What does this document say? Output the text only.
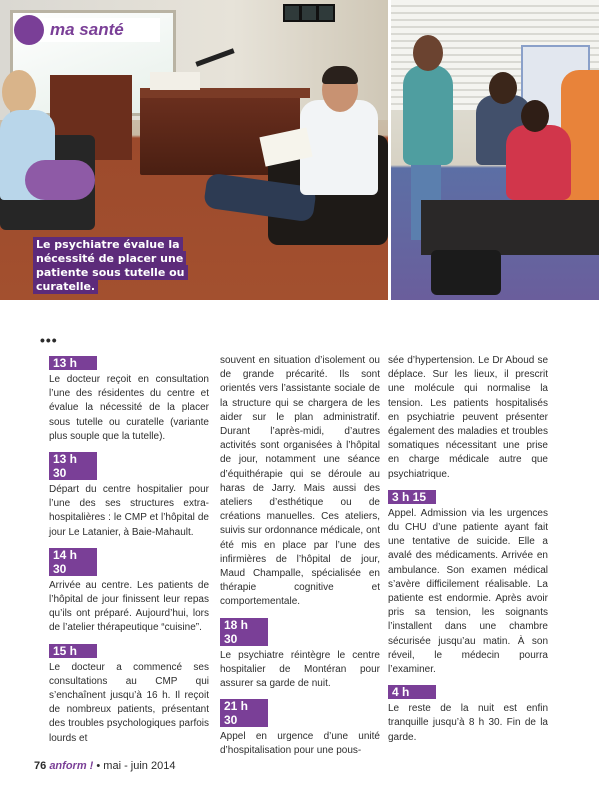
ma santé
Le psychiatre évalue la nécessité de placer une patiente sous tutelle ou curatelle.
•••
13 h

Le docteur reçoit en consultation l’une des résidentes du centre et évalue la nécessité de la placer sous tutelle ou curatelle (variante plus souple que la tutelle).

13 h 30

Départ du centre hospitalier pour l’une des ses structures extra-hospitalières : le CMP et l’hôpital de jour Le Latanier, à Baie-Mahault.

14 h 30

Arrivée au centre. Les patients de l’hôpital de jour finissent leur repas qu’ils ont préparé. Aujourd’hui, lors de l’atelier thérapeutique “cuisine”.

15 h

Le docteur a commencé ses consultations au CMP qui s’enchaînent jusqu’à 16 h. Il reçoit de nombreux patients, présentant des troubles psychologiques parfois lourds et

souvent en situation d’isolement ou de grande précarité. Ils sont orientés vers l’assistante sociale de la structure qui se chargera de les aider sur le plan administratif. Durant l’après-midi, d’autres activités sont organisées à l’hôpital de jour, notamment une séance d’équithérapie qui se déroule au haras de Jarry. Mais aussi des ateliers d’esthétique ou de créations manuelles. Ces ateliers, suivis sur ordonnance médicale, ont été mis en place par l’une des infirmières de l’hôpital de jour, Maud Champalle, spécialisée en thérapie cognitive et comportementale.

18 h 30

Le psychiatre réintègre le centre hospitalier de Montéran pour assurer sa garde de nuit.

21 h 30

Appel en urgence d’une unité d’hospitalisation pour une pous-

sée d’hypertension. Le Dr Aboud se déplace. Sur les lieux, il prescrit une molécule qui normalise la tension. Les patients hospitalisés en psychiatrie peuvent présenter également des maladies et troubles somatiques nécessitant une prise en charge médicale autre que psychiatrique.

3 h 15

Appel. Admission via les urgences du CHU d’une patiente ayant fait une tentative de suicide. Elle a avalé des médicaments. Arrivée en ambulance. Son examen médical s’avère difficilement réalisable. La patiente est endormie. Après avoir pris sa tension, les soignants l’installent dans une chambre sécurisée jusqu’au matin. À son réveil, le médecin pourra l’examiner.

4 h

Le reste de la nuit est enfin tranquille jusqu’à 8 h 30. Fin de la garde.

76 anform ! • mai - juin 2014
